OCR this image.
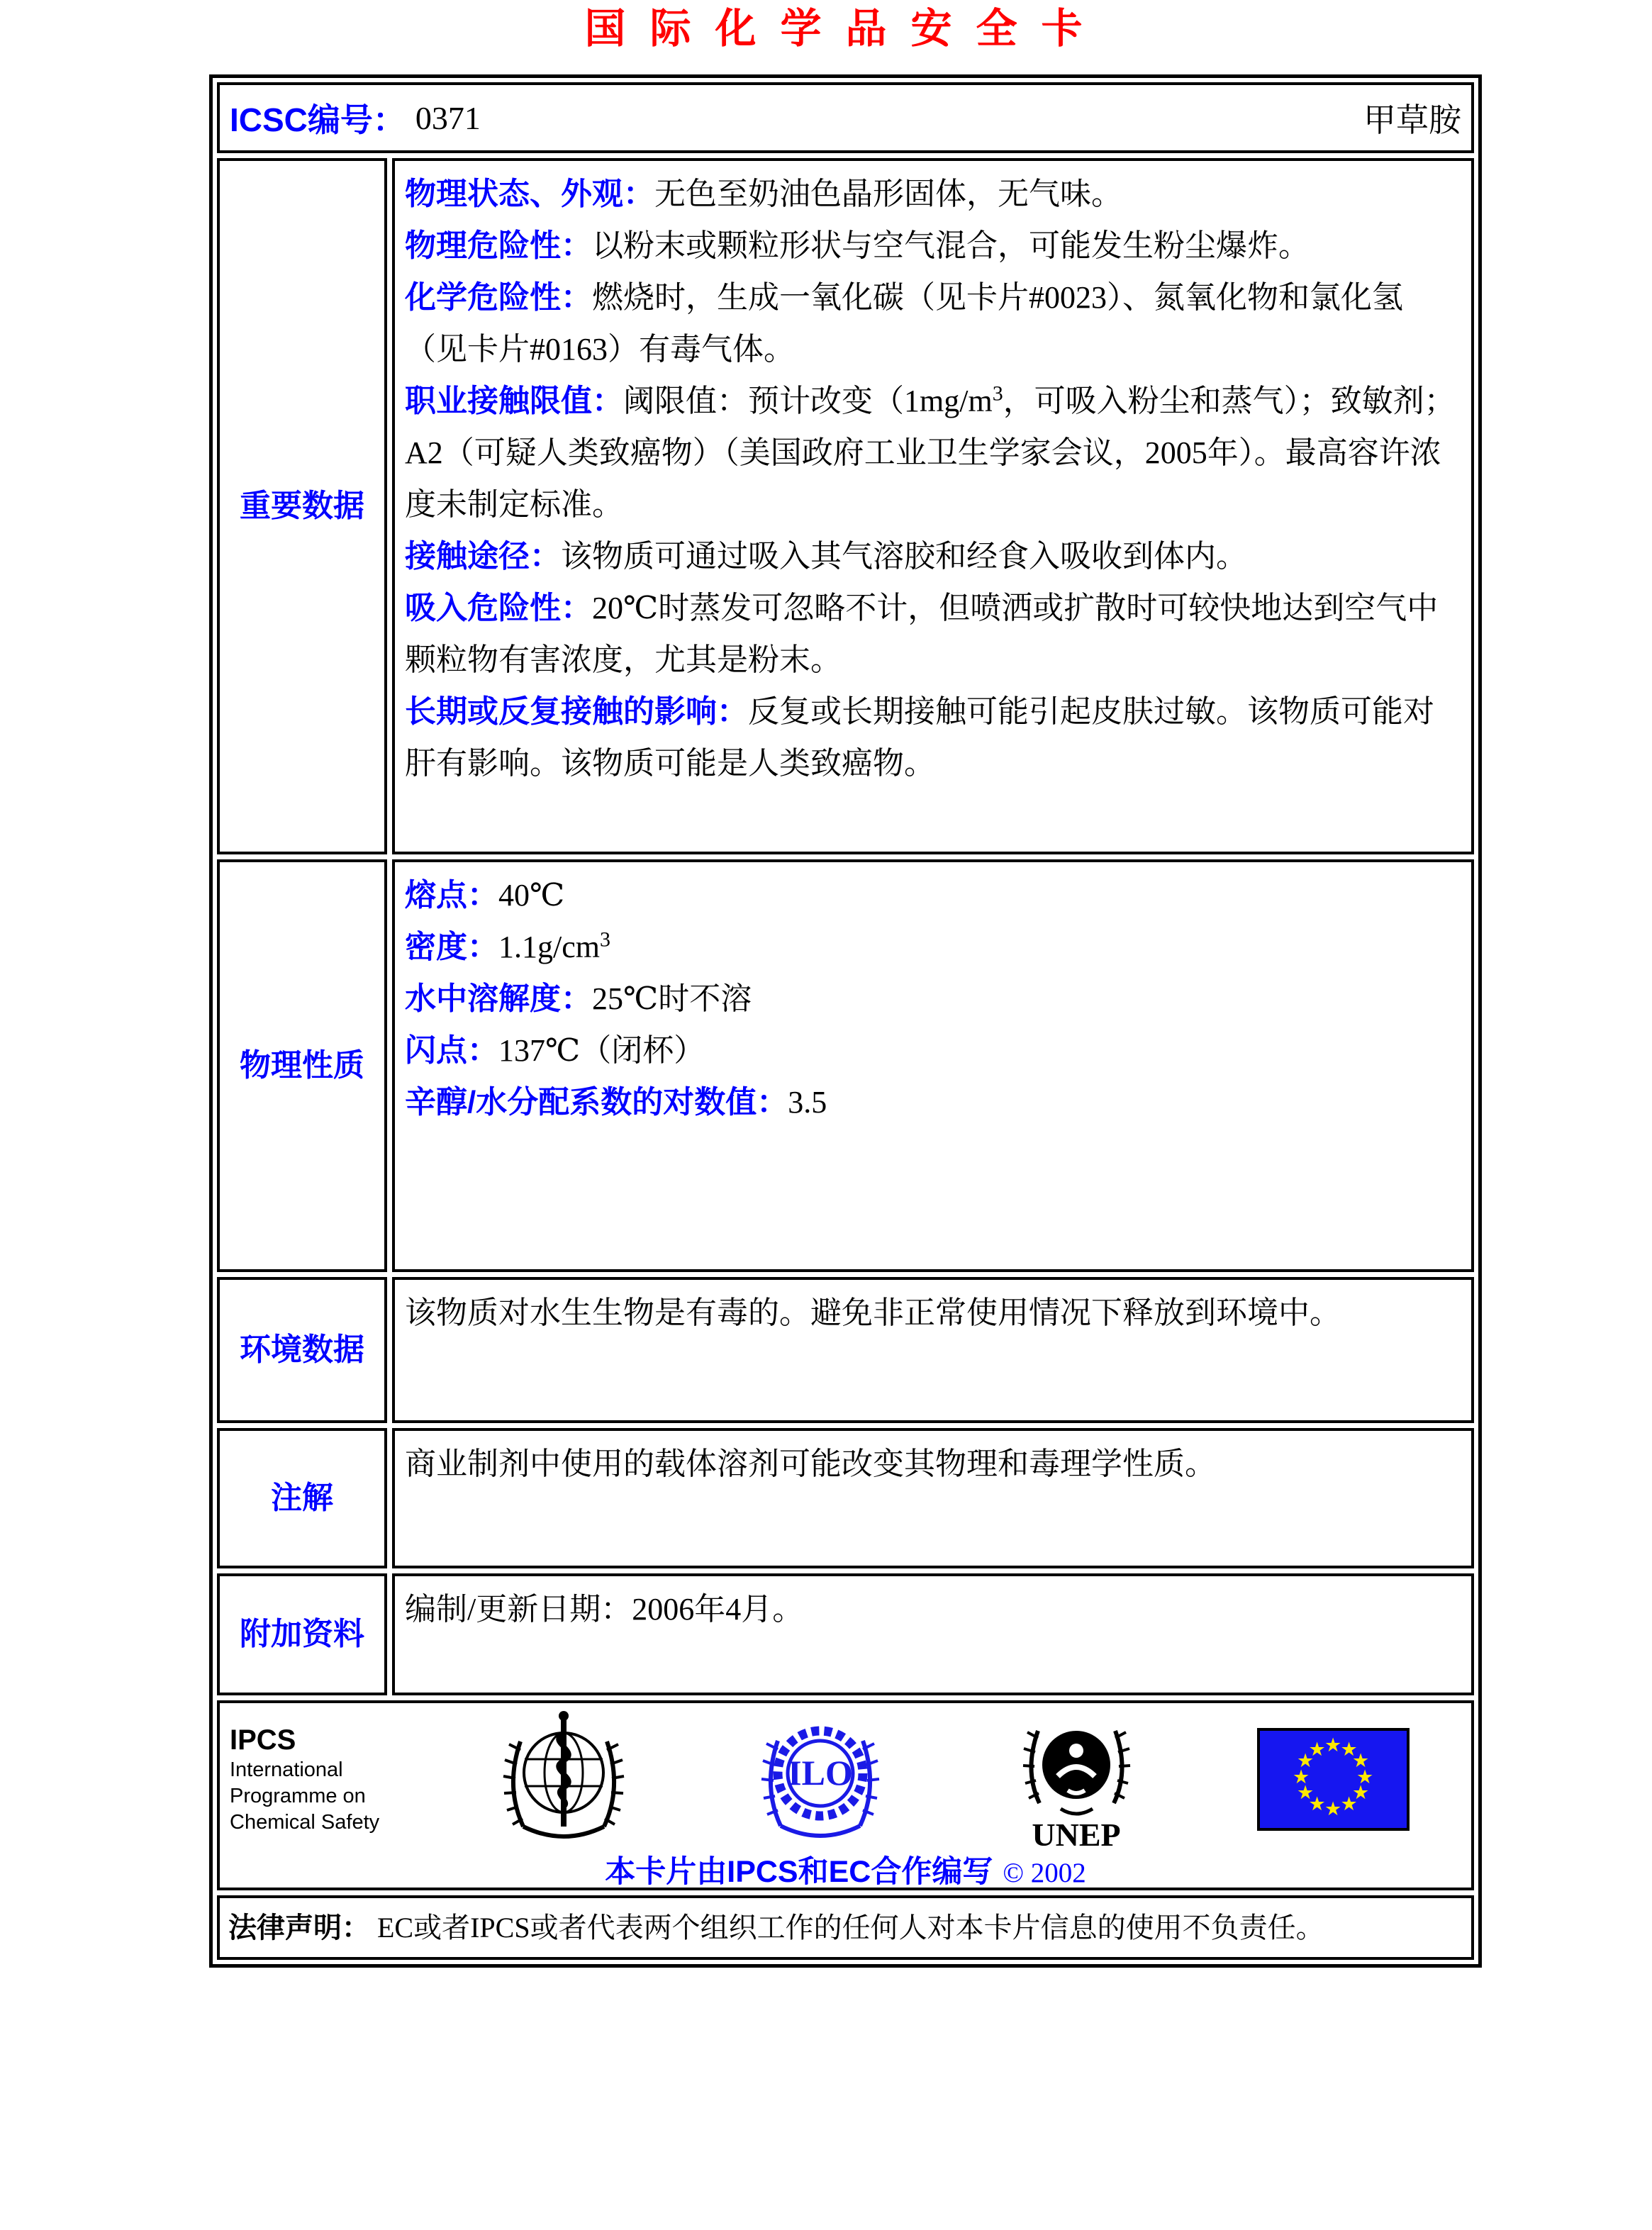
国际化学品安全卡
ICSC编号： 0371	甲草胺
重要数据
物理状态、外观：无色至奶油色晶形固体，无气味。
物理危险性：以粉末或颗粒形状与空气混合，可能发生粉尘爆炸。
化学危险性：燃烧时，生成一氧化碳（见卡片#0023）、氮氧化物和氯化氢（见卡片#0163）有毒气体。
职业接触限值：阈限值：预计改变（$1mg/m^3$，可吸入粉尘和蒸气）；致敏剂；A2（可疑人类致癌物）（美国政府工业卫生学家会议，2005年）。最高容许浓度未制定标准。
接触途径：该物质可通过吸入其气溶胶和经食入吸收到体内。
吸入危险性：20℃时蒸发可忽略不计，但喷洒或扩散时可较快地达到空气中颗粒物有害浓度，尤其是粉末。
长期或反复接触的影响：反复或长期接触可能引起皮肤过敏。该物质可能对肝有影响。该物质可能是人类致癌物。
物理性质
熔点：40℃
密度：$1.1g/cm^3$
水中溶解度：25℃时不溶
闪点：137℃（闭杯）
辛醇/水分配系数的对数值：3.5
环境数据
该物质对水生生物是有毒的。避免非正常使用情况下释放到环境中。
注解
商业制剂中使用的载体溶剂可能改变其物理和毒理学性质。
附加资料
编制/更新日期：2006年4月。
IPCS
International
Programme on
Chemical Safety
ILO
UNEP
★
★
★
★
★
★
★
★
★
★
★
★
本卡片由IPCS和EC合作编写 © 2002
法律声明： EC或者IPCS或者代表两个组织工作的任何人对本卡片信息的使用不负责任。
